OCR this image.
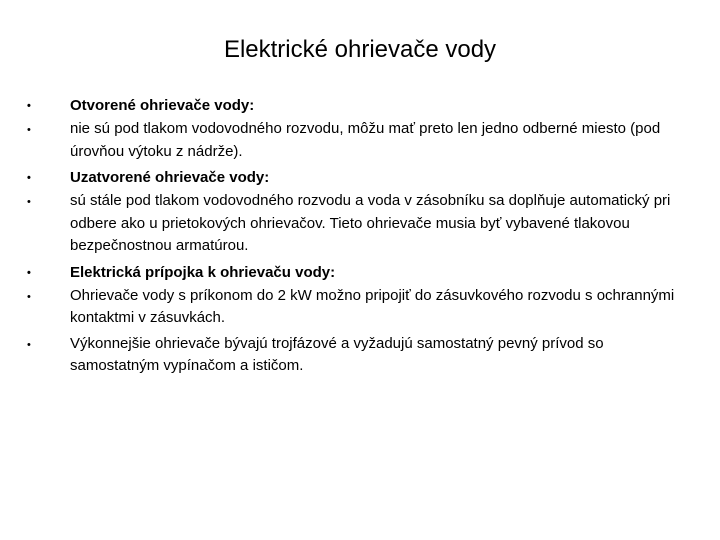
Elektrické ohrievače vody
•	Otvorené ohrievače vody:
•	nie sú pod tlakom vodovodného rozvodu, môžu mať preto len jedno odberné miesto (pod úrovňou výtoku z nádrže).
•	Uzatvorené ohrievače vody:
•	sú stále pod tlakom vodovodného rozvodu a voda v zásobníku sa doplňuje automatický pri odbere ako u prietokových ohrievačov. Tieto ohrievače musia byť vybavené tlakovou bezpečnostnou armatúrou.
•	Elektrická prípojka k ohrievaču vody:
•	Ohrievače vody s príkonom do 2 kW možno pripojiť do zásuvkového rozvodu s ochrannými kontaktmi v zásuvkách.
•	Výkonnejšie ohrievače bývajú trojfázové a vyžadujú samostatný pevný prívod so samostatným vypínačom a ističom.
